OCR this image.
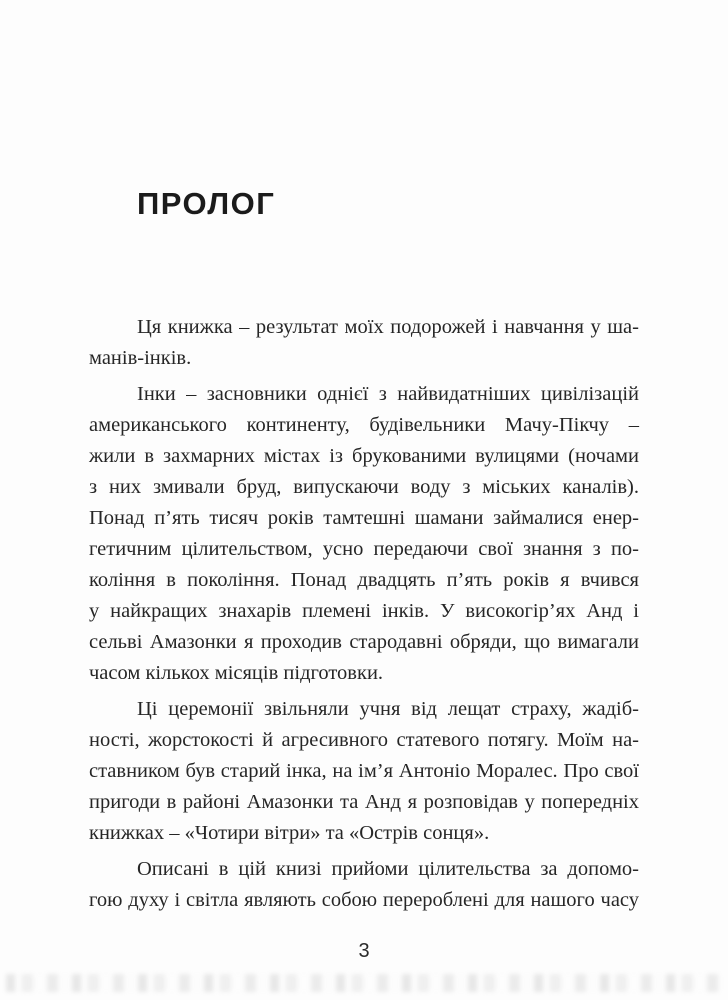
ПРОЛОГ
Ця книжка – результат моїх подорожей і навчання у ша-
манів-інків.
Інки – засновники однієї з найвидатніших цивілізацій
американського континенту, будівельники Мачу-Пікчу –
жили в захмарних містах із брукованими вулицями (ночами
з них змивали бруд, випускаючи воду з міських каналів).
Понад п’ять тисяч років тамтешні шамани займалися енер-
гетичним цілительством, усно передаючи свої знання з по-
коління в покоління. Понад двадцять п’ять років я вчився
у найкращих знахарів племені інків. У високогір’ях Анд і
сельві Амазонки я проходив стародавні обряди, що вимагали
часом кількох місяців підготовки.
Ці церемонії звільняли учня від лещат страху, жадіб-
ності, жорстокості й агресивного статевого потягу. Моїм на-
ставником був старий інка, на ім’я Антоніо Моралес. Про свої
пригоди в районі Амазонки та Анд я розповідав у попередніх
книжках – «Чотири вітри» та «Острів сонця».
Описані в цій книзі прийоми цілительства за допомо-
гою духу і світла являють собою перероблені для нашого часу
3
